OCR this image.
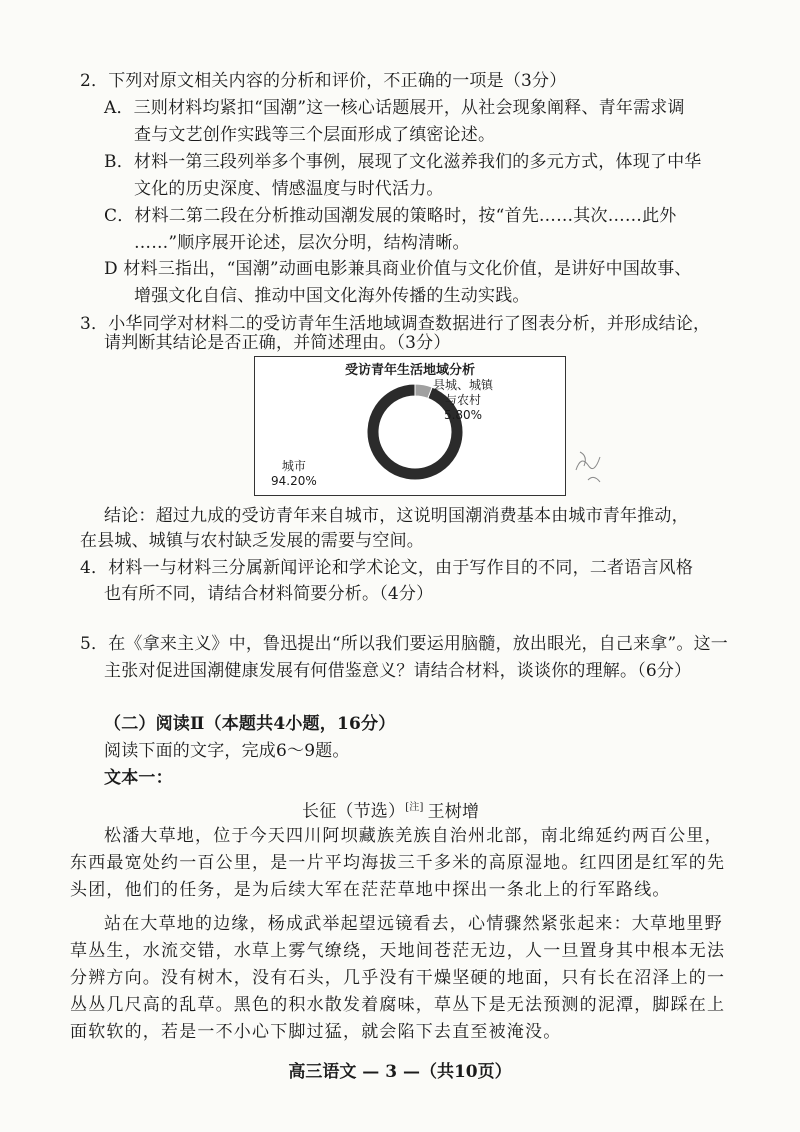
2．下列对原文相关内容的分析和评价，不正确的一项是（3分）
A．三则材料均紧扣“国潮”这一核心话题展开，从社会现象阐释、青年需求调
查与文艺创作实践等三个层面形成了缜密论述。
B．材料一第三段列举多个事例，展现了文化滋养我们的多元方式，体现了中华
文化的历史深度、情感温度与时代活力。
C．材料二第二段在分析推动国潮发展的策略时，按“首先……其次……此外
……”顺序展开论述，层次分明，结构清晰。
D 材料三指出，“国潮”动画电影兼具商业价值与文化价值，是讲好中国故事、
增强文化自信、推动中国文化海外传播的生动实践。
3．小华同学对材料二的受访青年生活地域调查数据进行了图表分析，并形成结论，
请判断其结论是否正确，并简述理由。（3分）
受访青年生活地域分析
县城、城镇
与农村
5.80%
城市
94.20%
结论：超过九成的受访青年来自城市，这说明国潮消费基本由城市青年推动，
在县城、城镇与农村缺乏发展的需要与空间。
4．材料一与材料三分属新闻评论和学术论文，由于写作目的不同，二者语言风格
也有所不同，请结合材料简要分析。（4分）
5．在《拿来主义》中，鲁迅提出“所以我们要运用脑髓，放出眼光，自己来拿”。这一
主张对促进国潮健康发展有何借鉴意义？请结合材料，谈谈你的理解。（6分）
（二）阅读Ⅱ（本题共4小题，16分）
阅读下面的文字，完成6～9题。
文本一：
长征（节选）[注] 王树增
松潘大草地，位于今天四川阿坝藏族羌族自治州北部，南北绵延约两百公里，
东西最宽处约一百公里，是一片平均海拔三千多米的高原湿地。红四团是红军的先
头团，他们的任务，是为后续大军在茫茫草地中探出一条北上的行军路线。
站在大草地的边缘，杨成武举起望远镜看去，心情骤然紧张起来：大草地里野
草丛生，水流交错，水草上雾气缭绕，天地间苍茫无边，人一旦置身其中根本无法
分辨方向。没有树木，没有石头，几乎没有干燥坚硬的地面，只有长在沼泽上的一
丛丛几尺高的乱草。黑色的积水散发着腐味，草丛下是无法预测的泥潭，脚踩在上
面软软的，若是一不小心下脚过猛，就会陷下去直至被淹没。
高三语文 — 3 —（共10页）
